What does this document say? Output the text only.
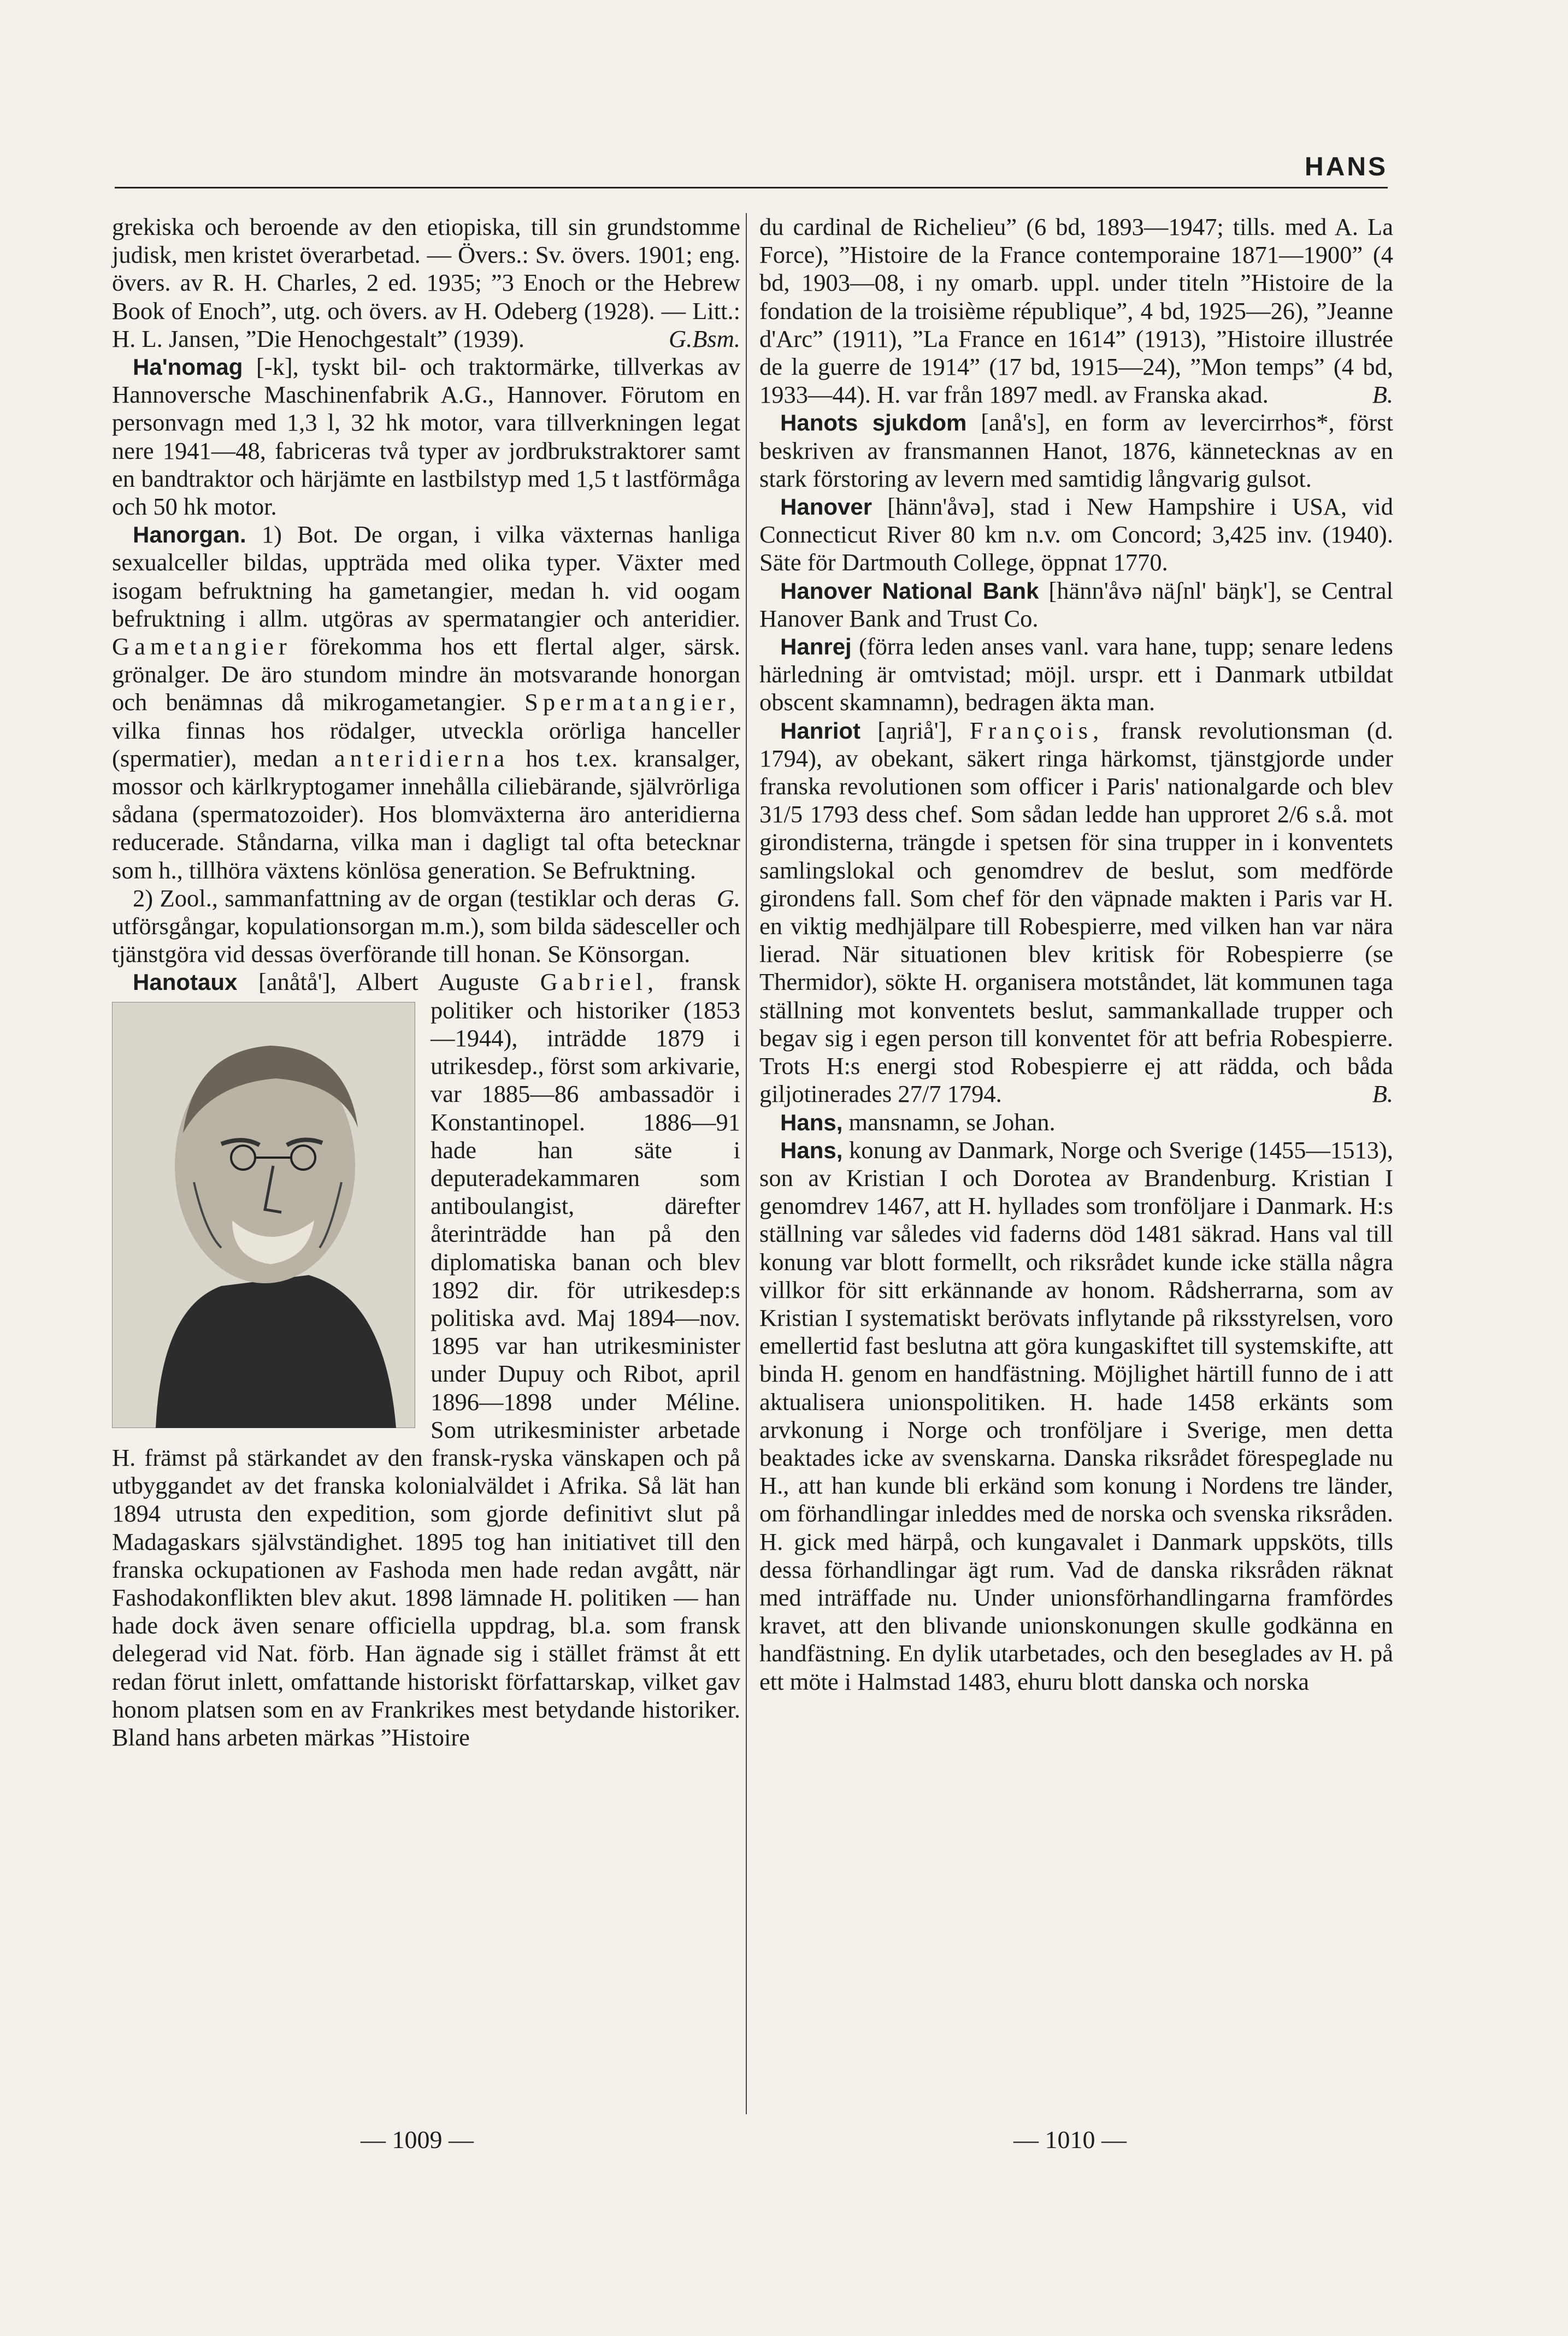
HANS

grekiska och beroende av den etiopiska, till sin grundstomme judisk, men kristet överarbetad. — Övers.: Sv. övers. 1901; eng. övers. av R. H. Charles, 2 ed. 1935; ”3 Enoch or the Hebrew Book of Enoch”, utg. och övers. av H. Odeberg (1928). — Litt.: H. L. Jansen, ”Die Henochgestalt” (1939).	G.Bsm.

Ha'nomag [-k], tyskt bil- och traktormärke, tillverkas av Hannoversche Maschinenfabrik A.G., Hannover. Förutom en personvagn med 1,3 l, 32 hk motor, vara tillverkningen legat nere 1941—48, fabriceras två typer av jordbrukstraktorer samt en bandtraktor och härjämte en lastbilstyp med 1,5 t lastförmåga och 50 hk motor.

Hanorgan. 1) Bot. De organ, i vilka växternas hanliga sexualceller bildas, uppträda med olika typer. Växter med isogam befruktning ha gametangier, medan h. vid oogam befruktning i allm. utgöras av spermatangier och anteridier. Gametangier förekomma hos ett flertal alger, särsk. grönalger. De äro stundom mindre än motsvarande honorgan och benämnas då mikrogametangier. Spermatangier, vilka finnas hos rödalger, utveckla orörliga hanceller (spermatier), medan anteridierna hos t.ex. kransalger, mossor och kärlkryptogamer innehålla ciliebärande, självrörliga sådana (spermatozoider). Hos blomväxterna äro anteridierna reducerade. Ståndarna, vilka man i dagligt tal ofta betecknar som h., tillhöra växtens könlösa generation. Se Befruktning.
G.

2) Zool., sammanfattning av de organ (testiklar och deras utförsgångar, kopulationsorgan m.m.), som bilda sädesceller och tjänstgöra vid dessas överförande till honan. Se Könsorgan.

Hanotaux [anåtå'], Albert Auguste Gabriel,
fransk politiker och historiker (1853—1944), inträdde 1879 i utrikesdep., först som arkivarie, var 1885—86 ambassadör i Konstantinopel. 1886—91 hade han säte i deputeradekammaren som antiboulangist, därefter återinträdde han på den diplomatiska banan och blev 1892 dir. för utrikesdep:s politiska avd. Maj 1894—nov. 1895 var han utrikesminister under Dupuy och Ribot, april 1896—1898 under Méline. Som utrikesminister arbetade H. främst på stärkandet av den fransk-ryska vänskapen och på utbyggandet av det franska kolonialväldet i Afrika. Så lät han 1894 utrusta den expedition, som gjorde definitivt slut på Madagaskars självständighet. 1895 tog han initiativet till den franska ockupationen av Fashoda men hade redan avgått, när Fashodakonflikten blev akut. 1898 lämnade H. politiken — han hade dock även senare officiella uppdrag, bl.a. som fransk delegerad vid Nat. förb. Han ägnade sig i stället främst åt ett redan förut inlett, omfattande historiskt författarskap, vilket gav honom platsen som en av Frankrikes mest betydande historiker. Bland hans arbeten märkas ”Histoire

du cardinal de Richelieu” (6 bd, 1893—1947; tills. med A. La Force), ”Histoire de la France contemporaine 1871—1900” (4 bd, 1903—08, i ny omarb. uppl. under titeln ”Histoire de la fondation de la troisième république”, 4 bd, 1925—26), ”Jeanne d'Arc” (1911), ”La France en 1614” (1913), ”Histoire illustrée de la guerre de 1914” (17 bd, 1915—24), ”Mon temps” (4 bd, 1933—44). H. var från 1897 medl. av Franska akad.	B.

Hanots sjukdom [anå's], en form av levercirrhos*, först beskriven av fransmannen Hanot, 1876, kännetecknas av en stark förstoring av levern med samtidig långvarig gulsot.

Hanover [hänn'åvə], stad i New Hampshire i USA, vid Connecticut River 80 km n.v. om Concord; 3,425 inv. (1940). Säte för Dartmouth College, öppnat 1770.

Hanover National Bank [hänn'åvə näʃnl' bäŋk'], se Central Hanover Bank and Trust Co.

Hanrej (förra leden anses vanl. vara hane, tupp; senare ledens härledning är omtvistad; möjl. urspr. ett i Danmark utbildat obscent skamnamn), bedragen äkta man.

Hanriot [aŋriå'], François, fransk revolutionsman (d. 1794), av obekant, säkert ringa härkomst, tjänstgjorde under franska revolutionen som officer i Paris' nationalgarde och blev 31/5 1793 dess chef. Som sådan ledde han upproret 2/6 s.å. mot girondisterna, trängde i spetsen för sina trupper in i konventets samlingslokal och genomdrev de beslut, som medförde girondens fall. Som chef för den väpnade makten i Paris var H. en viktig medhjälpare till Robespierre, med vilken han var nära lierad. När situationen blev kritisk för Robespierre (se Thermidor), sökte H. organisera motståndet, lät kommunen taga ställning mot konventets beslut, sammankallade trupper och begav sig i egen person till konventet för att befria Robespierre. Trots H:s energi stod Robespierre ej att rädda, och båda giljotinerades 27/7 1794.	B.

Hans, mansnamn, se Johan.

Hans, konung av Danmark, Norge och Sverige (1455—1513), son av Kristian I och Dorotea av Brandenburg. Kristian I genomdrev 1467, att H. hyllades som tronföljare i Danmark. H:s ställning var således vid faderns död 1481 säkrad. Hans val till konung var blott formellt, och riksrådet kunde icke ställa några villkor för sitt erkännande av honom. Rådsherrarna, som av Kristian I systematiskt berövats inflytande på riksstyrelsen, voro emellertid fast beslutna att göra kungaskiftet till systemskifte, att binda H. genom en handfästning. Möjlighet härtill funno de i att aktualisera unionspolitiken. H. hade 1458 erkänts som arvkonung i Norge och tronföljare i Sverige, men detta beaktades icke av svenskarna. Danska riksrådet förespeglade nu H., att han kunde bli erkänd som konung i Nordens tre länder, om förhandlingar inleddes med de norska och svenska riksråden. H. gick med härpå, och kungavalet i Danmark uppsköts, tills dessa förhandlingar ägt rum. Vad de danska riksråden räknat med inträffade nu. Under unionsförhandlingarna framfördes kravet, att den blivande unionskonungen skulle godkänna en handfästning. En dylik utarbetades, och den beseglades av H. på ett möte i Halmstad 1483, ehuru blott danska och norska

— 1009 —	— 1010 —
